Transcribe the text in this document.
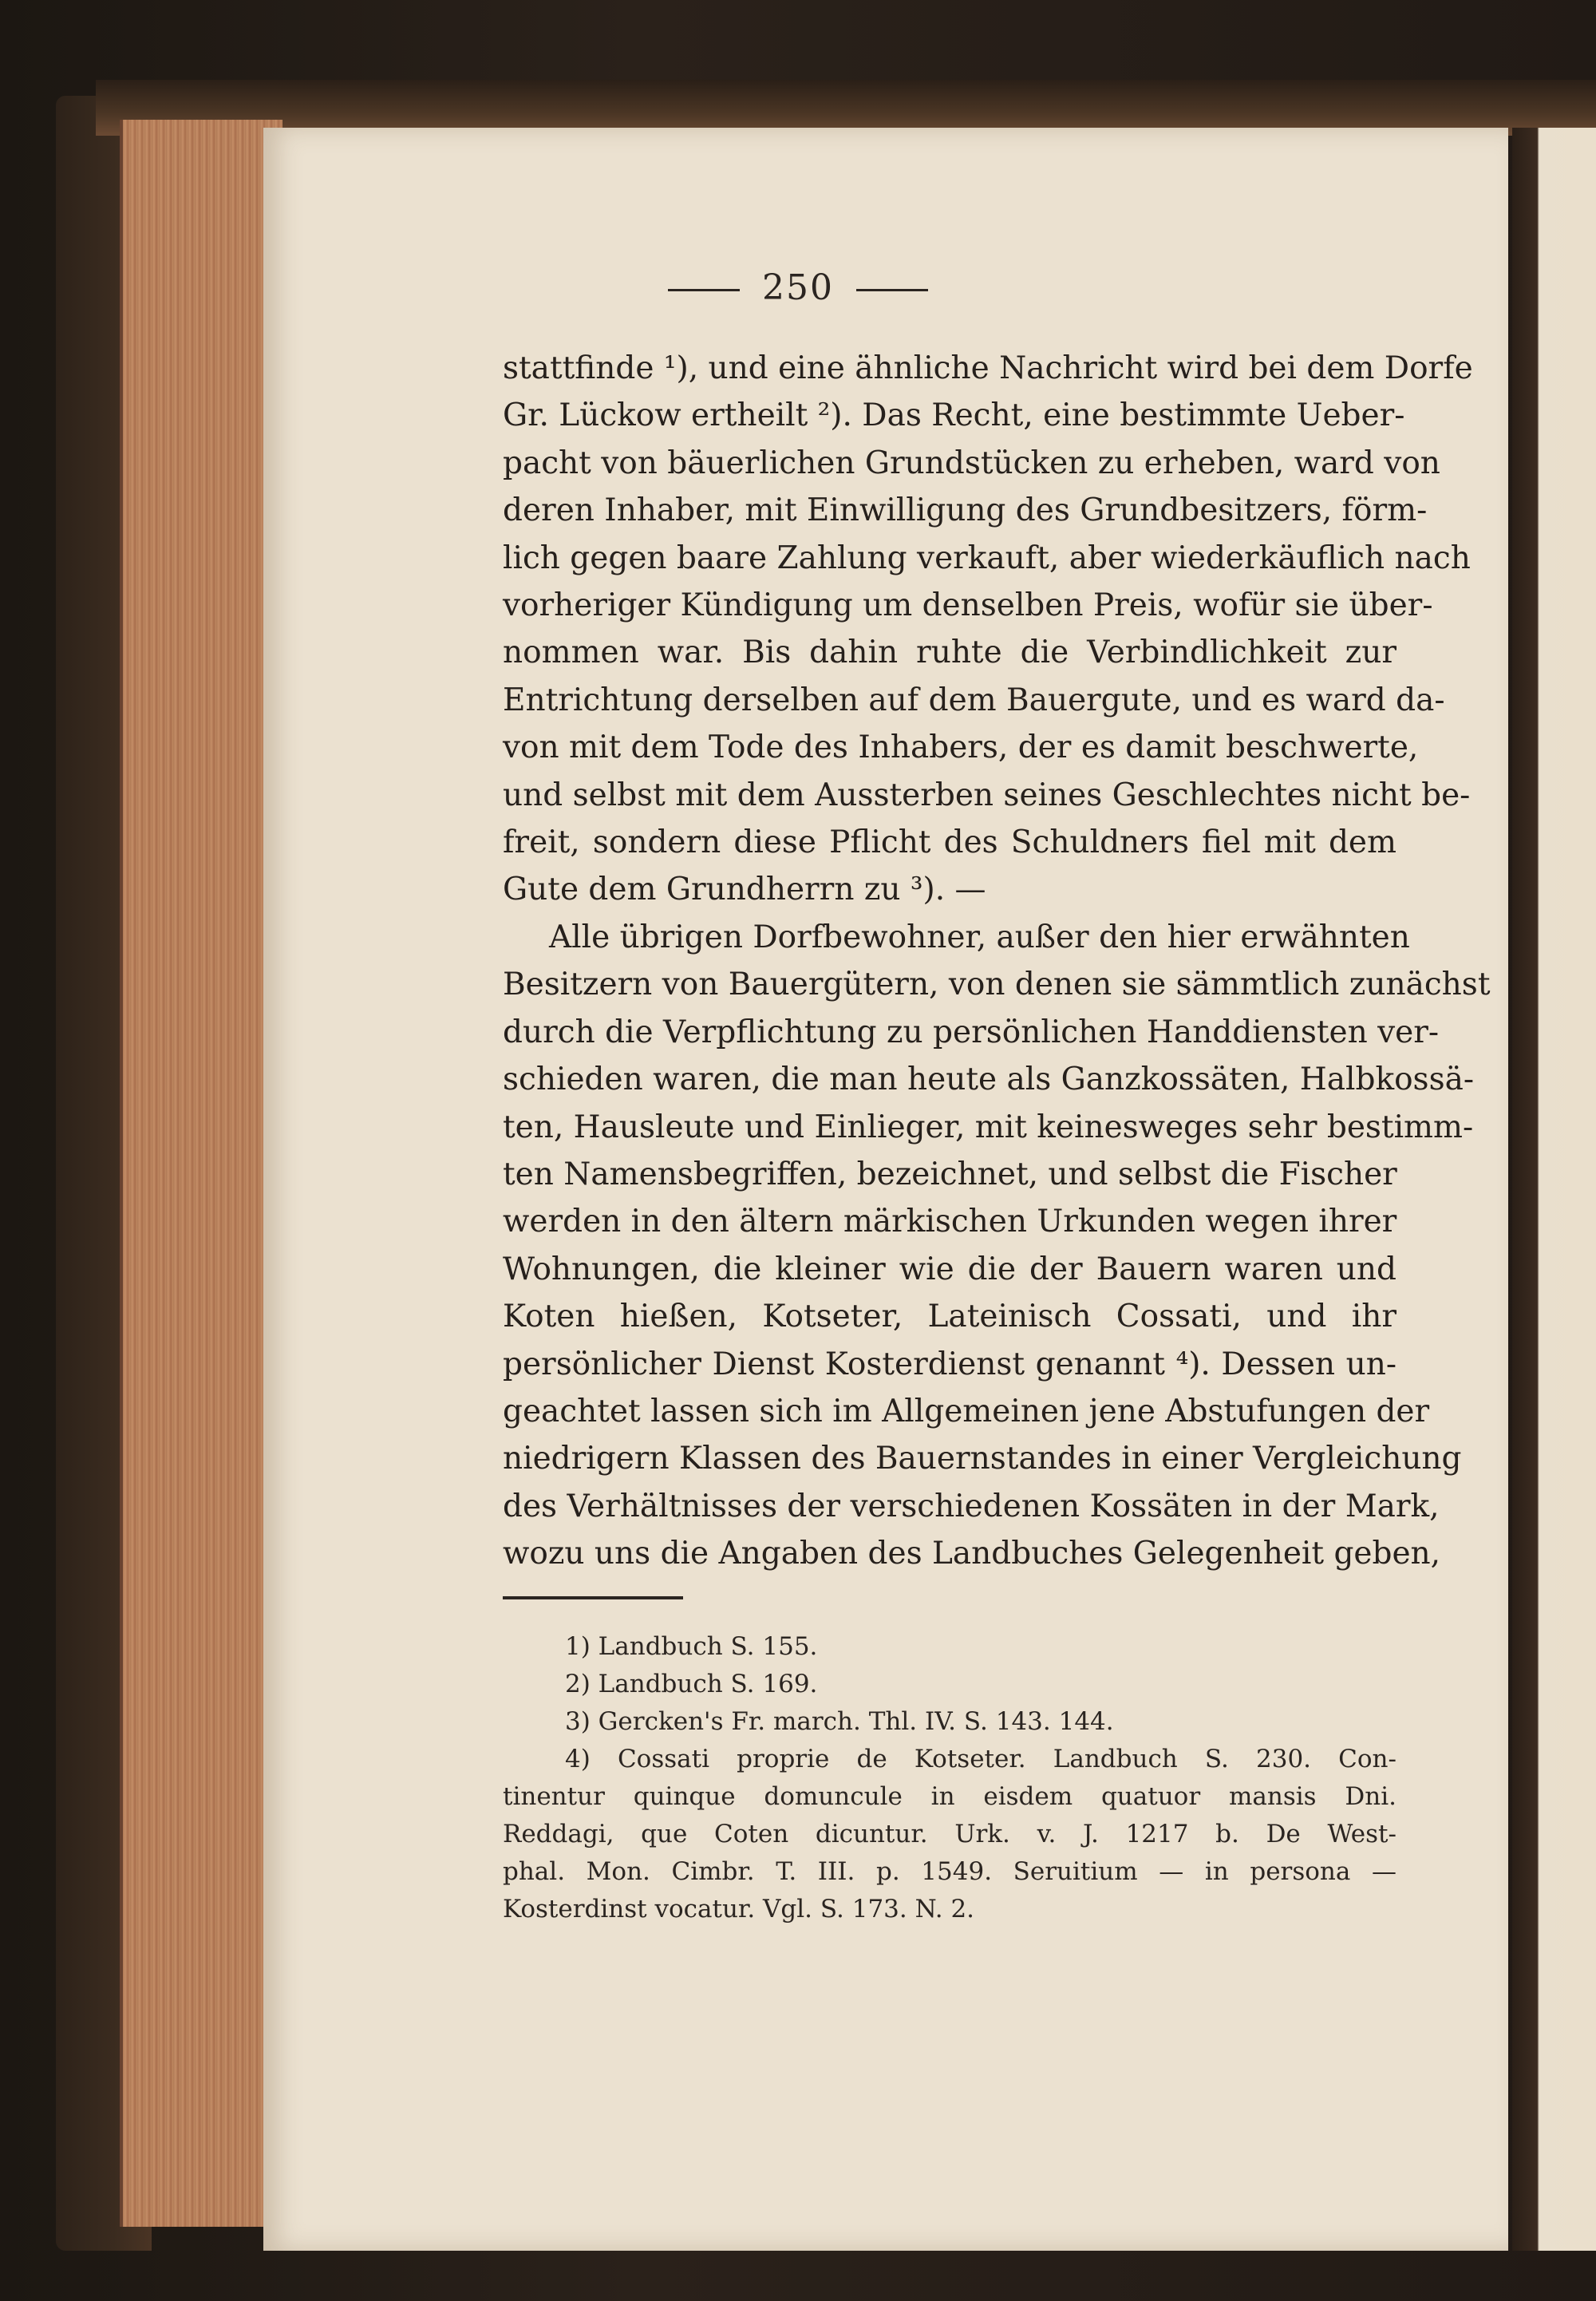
250
stattfinde ¹), und eine ähnliche Nachricht wird bei dem Dorfe
Gr. Lückow ertheilt ²). Das Recht, eine bestimmte Ueber-
pacht von bäuerlichen Grundstücken zu erheben, ward von
deren Inhaber, mit Einwilligung des Grundbesitzers, förm-
lich gegen baare Zahlung verkauft, aber wiederkäuflich nach
vorheriger Kündigung um denselben Preis, wofür sie über-
nommen war. Bis dahin ruhte die Verbindlichkeit zur
Entrichtung derselben auf dem Bauergute, und es ward da-
von mit dem Tode des Inhabers, der es damit beschwerte,
und selbst mit dem Aussterben seines Geschlechtes nicht be-
freit, sondern diese Pflicht des Schuldners fiel mit dem
Gute dem Grundherrn zu ³). —
Alle übrigen Dorfbewohner, außer den hier erwähnten
Besitzern von Bauergütern, von denen sie sämmtlich zunächst
durch die Verpflichtung zu persönlichen Handdiensten ver-
schieden waren, die man heute als Ganzkossäten, Halbkossä-
ten, Hausleute und Einlieger, mit keinesweges sehr bestimm-
ten Namensbegriffen, bezeichnet, und selbst die Fischer
werden in den ältern märkischen Urkunden wegen ihrer
Wohnungen, die kleiner wie die der Bauern waren und
Koten hießen, Kotseter, Lateinisch Cossati, und ihr
persönlicher Dienst Kosterdienst genannt ⁴). Dessen un-
geachtet lassen sich im Allgemeinen jene Abstufungen der
niedrigern Klassen des Bauernstandes in einer Vergleichung
des Verhältnisses der verschiedenen Kossäten in der Mark,
wozu uns die Angaben des Landbuches Gelegenheit geben,
1) Landbuch S. 155.
2) Landbuch S. 169.
3) Gercken's Fr. march. Thl. IV. S. 143. 144.
4) Cossati proprie de Kotseter. Landbuch S. 230. Con-
tinentur quinque domuncule in eisdem quatuor mansis Dni.
Reddagi, que Coten dicuntur. Urk. v. J. 1217 b. De West-
phal. Mon. Cimbr. T. III. p. 1549. Seruitium — in persona —
Kosterdinst vocatur. Vgl. S. 173. N. 2.
